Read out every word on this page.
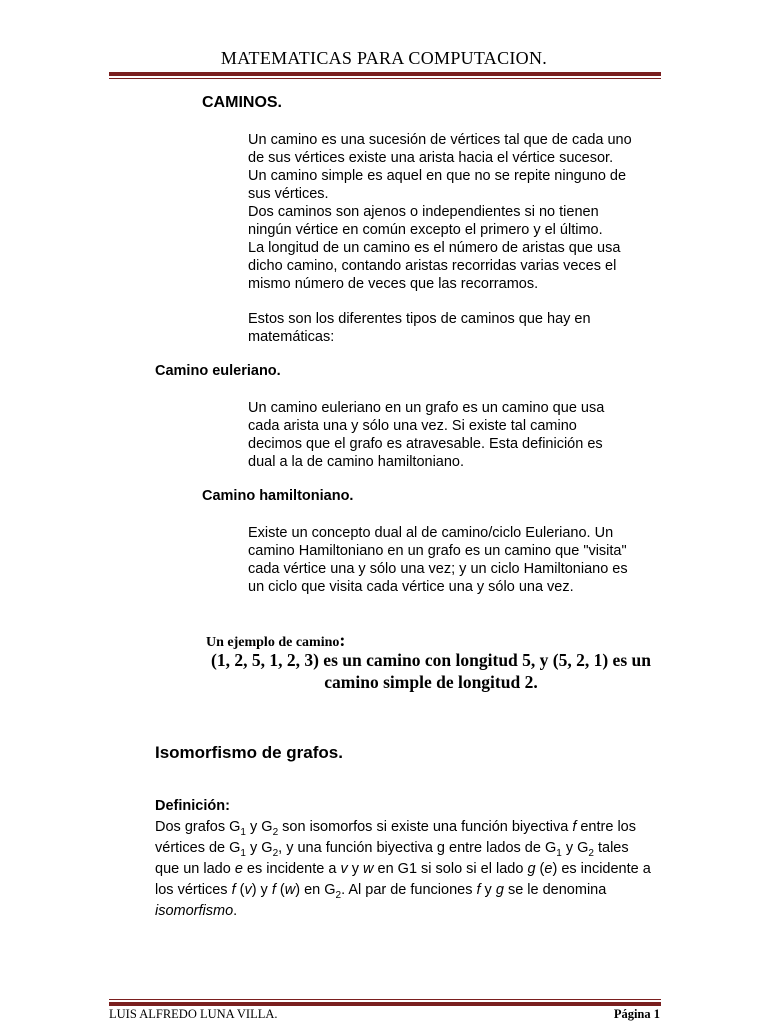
MATEMATICAS PARA COMPUTACION.
CAMINOS.
Un camino es una sucesión de vértices tal que de cada uno
de sus vértices existe una arista hacia el vértice sucesor.
Un camino simple es aquel en que no se repite ninguno de
sus vértices.
Dos caminos son ajenos o independientes si no tienen
ningún vértice en común excepto el primero y el último.
La longitud de un camino es el número de aristas que usa
dicho camino, contando aristas recorridas varias veces el
mismo número de veces que las recorramos.
Estos son los diferentes tipos de caminos que hay en
matemáticas:
Camino euleriano.
Un camino euleriano en un grafo es un camino que usa
cada arista una y sólo una vez. Si existe tal camino
decimos que el grafo es atravesable. Esta definición es
dual a la de camino hamiltoniano.
Camino hamiltoniano.
Existe un concepto dual al de camino/ciclo Euleriano. Un
camino Hamiltoniano en un grafo es un camino que "visita"
cada vértice una y sólo una vez; y un ciclo Hamiltoniano es
un ciclo que visita cada vértice una y sólo una vez.
Un ejemplo de camino:
(1, 2, 5, 1, 2, 3) es un camino con longitud 5, y (5, 2, 1) es un
camino simple de longitud 2.
Isomorfismo de grafos.
Definición:
Dos grafos $G_1$ y $G_2$ son isomorfos si existe una función biyectiva f entre los vértices de $G_1$ y $G_2$, y una función biyectiva g entre lados de $G_1$ y $G_2$ tales que un lado e es incidente a v y w en G1 si solo si el lado g (e) es incidente a los vértices f (v) y f (w) en $G_2$. Al par de funciones f y g se le denomina isomorfismo.
LUIS ALFREDO LUNA VILLA.	Página 1
